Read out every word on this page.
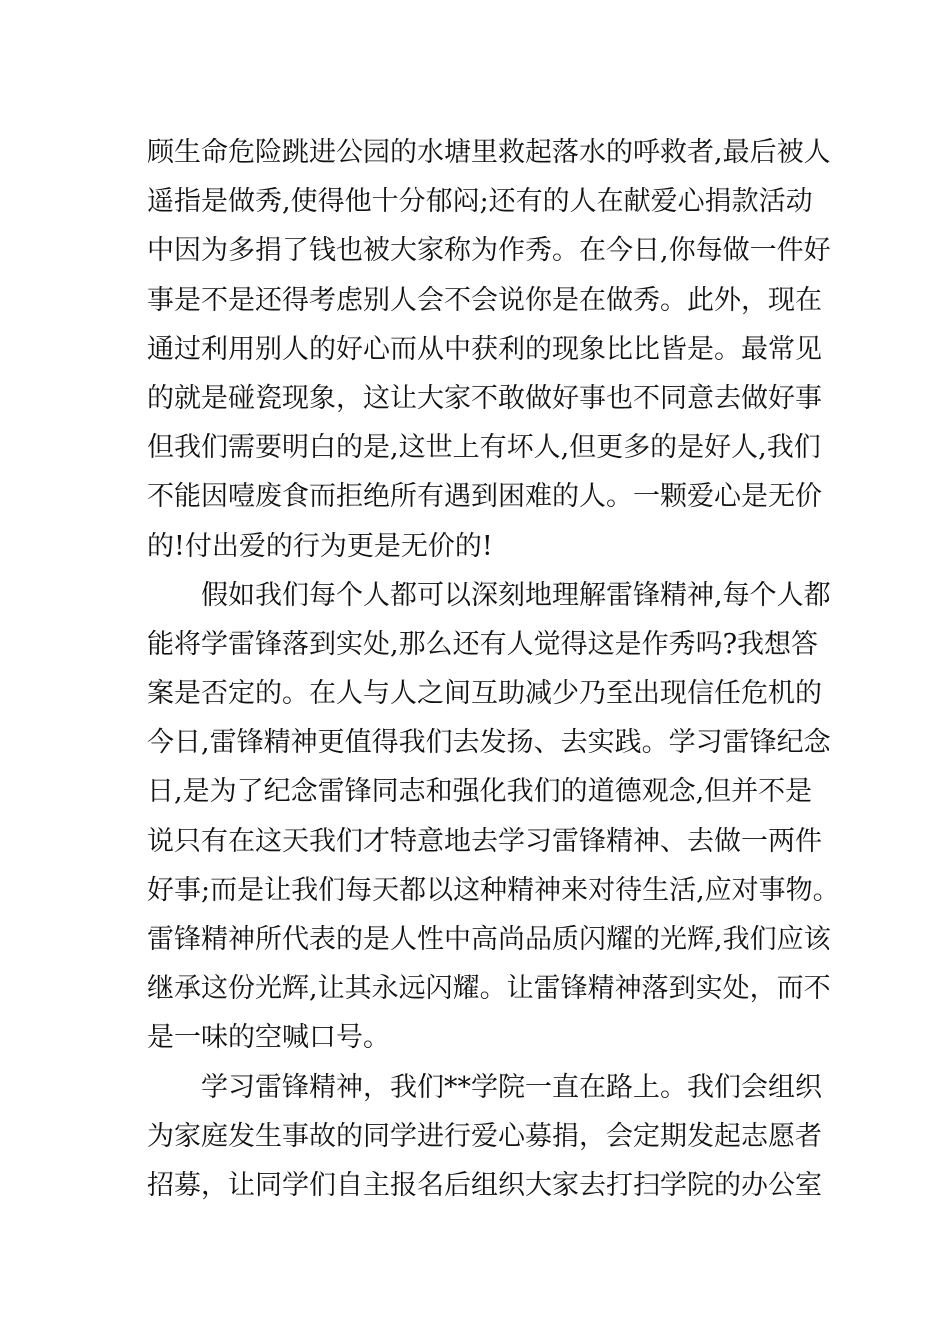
顾生命危险跳进公园的水塘里救起落水的呼救者,最后被人
遥指是做秀,使得他十分郁闷;还有的人在献爱心捐款活动
中因为多捐了钱也被大家称为作秀。在今日,你每做一件好
事是不是还得考虑别人会不会说你是在做秀。此外，现在
通过利用别人的好心而从中获利的现象比比皆是。最常见
的就是碰瓷现象，这让大家不敢做好事也不同意去做好事
但我们需要明白的是,这世上有坏人,但更多的是好人,我们
不能因噎废食而拒绝所有遇到困难的人。一颗爱心是无价
的!付出爱的行为更是无价的!
假如我们每个人都可以深刻地理解雷锋精神,每个人都
能将学雷锋落到实处,那么还有人觉得这是作秀吗?我想答
案是否定的。在人与人之间互助减少乃至出现信任危机的
今日,雷锋精神更值得我们去发扬、去实践。学习雷锋纪念
日,是为了纪念雷锋同志和强化我们的道德观念,但并不是
说只有在这天我们才特意地去学习雷锋精神、去做一两件
好事;而是让我们每天都以这种精神来对待生活,应对事物。
雷锋精神所代表的是人性中高尚品质闪耀的光辉,我们应该
继承这份光辉,让其永远闪耀。让雷锋精神落到实处，而不
是一味的空喊口号。
学习雷锋精神，我们**学院一直在路上。我们会组织
为家庭发生事故的同学进行爱心募捐，会定期发起志愿者
招募，让同学们自主报名后组织大家去打扫学院的办公室
